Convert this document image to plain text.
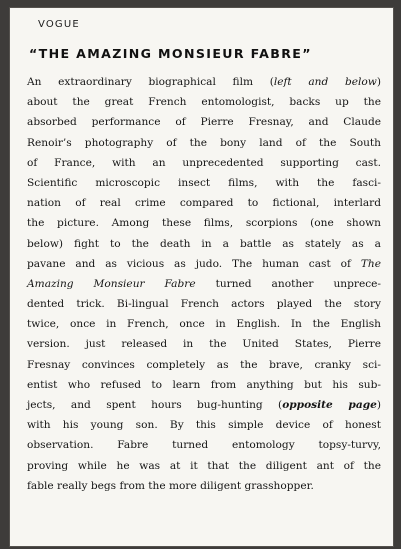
VOGUE
“THE AMAZING MONSIEUR FABRE”
An extraordinary biographical film (left and below)
about the great French entomologist, backs up the
absorbed performance of Pierre Fresnay, and Claude
Renoir’s photography of the bony land of the South
of France, with an unprecedented supporting cast.
Scientific microscopic insect films, with the fasci-
nation of real crime compared to fictional, interlard
the picture. Among these films, scorpions (one shown
below) fight to the death in a battle as stately as a
pavane and as vicious as judo. The human cast of The
Amazing Monsieur Fabre turned another unprece-
dented trick. Bi-lingual French actors played the story
twice, once in French, once in English. In the English
version. just released in the United States, Pierre
Fresnay convinces completely as the brave, cranky sci-
entist who refused to learn from anything but his sub-
jects, and spent hours bug-hunting (opposite page)
with his young son. By this simple device of honest
observation. Fabre turned entomology topsy-turvy,
proving while he was at it that the diligent ant of the
fable really begs from the more diligent grasshopper.
